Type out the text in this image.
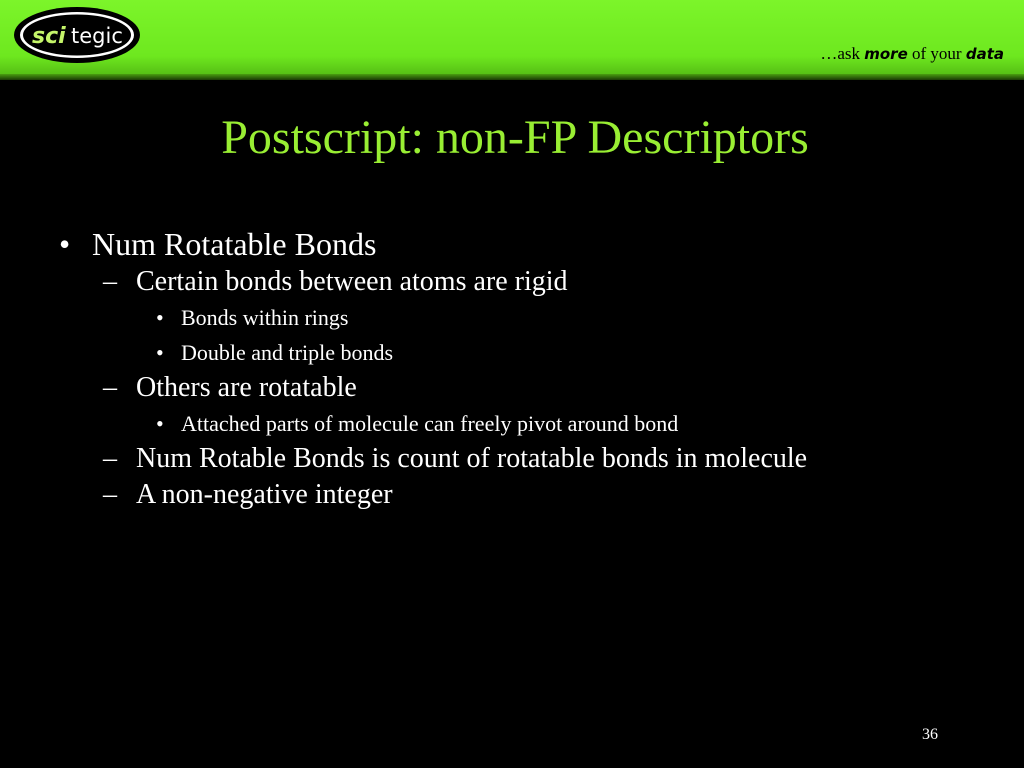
sci tegic
…ask more of your data
Postscript: non-FP Descriptors
• Num Rotatable Bonds
– Certain bonds between atoms are rigid
• Bonds within rings
• Double and triple bonds
– Others are rotatable
• Attached parts of molecule can freely pivot around bond
– Num Rotable Bonds is count of rotatable bonds in molecule
– A non-negative integer
36
